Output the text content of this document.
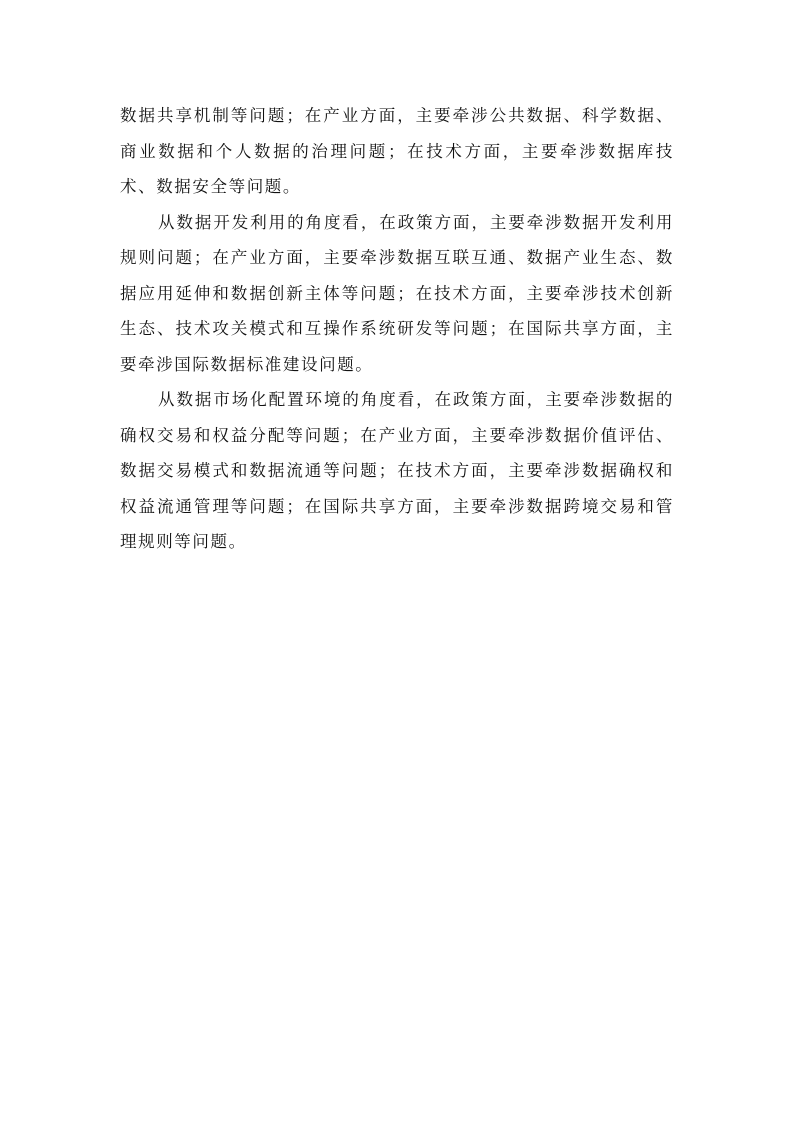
数据共享机制等问题；在产业方面，主要牵涉公共数据、科学数据、商业数据和个人数据的治理问题；在技术方面，主要牵涉数据库技术、数据安全等问题。

从数据开发利用的角度看，在政策方面，主要牵涉数据开发利用规则问题；在产业方面，主要牵涉数据互联互通、数据产业生态、数据应用延伸和数据创新主体等问题；在技术方面，主要牵涉技术创新生态、技术攻关模式和互操作系统研发等问题；在国际共享方面，主要牵涉国际数据标准建设问题。

从数据市场化配置环境的角度看，在政策方面，主要牵涉数据的确权交易和权益分配等问题；在产业方面，主要牵涉数据价值评估、数据交易模式和数据流通等问题；在技术方面，主要牵涉数据确权和权益流通管理等问题；在国际共享方面，主要牵涉数据跨境交易和管理规则等问题。
